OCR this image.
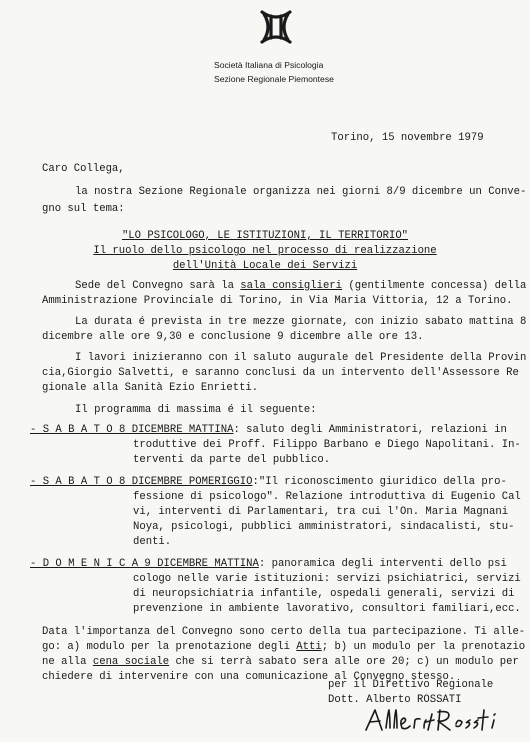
Società Italiana di Psicologia
Sezione Regionale Piemontese
Torino, 15 novembre 1979
Caro Collega,
la nostra Sezione Regionale organizza nei giorni 8/9 dicembre un Conve-
gno sul tema:
"LO PSICOLOGO, LE ISTITUZIONI, IL TERRITORIO"
Il ruolo dello psicologo nel processo di realizzazione
dell'Unità Locale dei Servizi
Sede del Convegno sarà la sala consiglieri (gentilmente concessa) della
Amministrazione Provinciale di Torino, in Via Maria Vittoria, 12 a Torino.
La durata é prevista in tre mezze giornate, con inizio sabato mattina 8
dicembre alle ore 9,30 e conclusione 9 dicembre alle ore 13.
I lavori inizieranno con il saluto augurale del Presidente della Provin
cia,Giorgio Salvetti, e saranno conclusi da un intervento dell'Assessore Re
gionale alla Sanità Ezio Enrietti.
Il programma di massima é il seguente:
- S A B A T O 8 DICEMBRE MATTINA: saluto degli Amministratori, relazioni in
troduttive dei Proff. Filippo Barbano e Diego Napolitani. In-
terventi da parte del pubblico.
- S A B A T O 8 DICEMBRE POMERIGGIO:"Il riconoscimento giuridico della pro-
fessione di psicologo". Relazione introduttiva di Eugenio Cal
vi, interventi di Parlamentari, tra cui l'On. Maria Magnani
Noya, psicologi, pubblici amministratori, sindacalisti, stu-
denti.
- D O M E N I C A 9 DICEMBRE MATTINA: panoramica degli interventi dello psi
cologo nelle varie istituzioni: servizi psichiatrici, servizi
di neuropsichiatria infantile, ospedali generali, servizi di
prevenzione in ambiente lavorativo, consultori familiari,ecc.
Data l'importanza del Convegno sono certo della tua partecipazione. Ti alle-
go: a) modulo per la prenotazione degli Atti; b) un modulo per la prenotazio
ne alla cena sociale che si terrà sabato sera alle ore 20; c) un modulo per
chiedere di intervenire con una comunicazione al Convegno stesso.
per il Direttivo Regionale
Dott. Alberto ROSSATI
